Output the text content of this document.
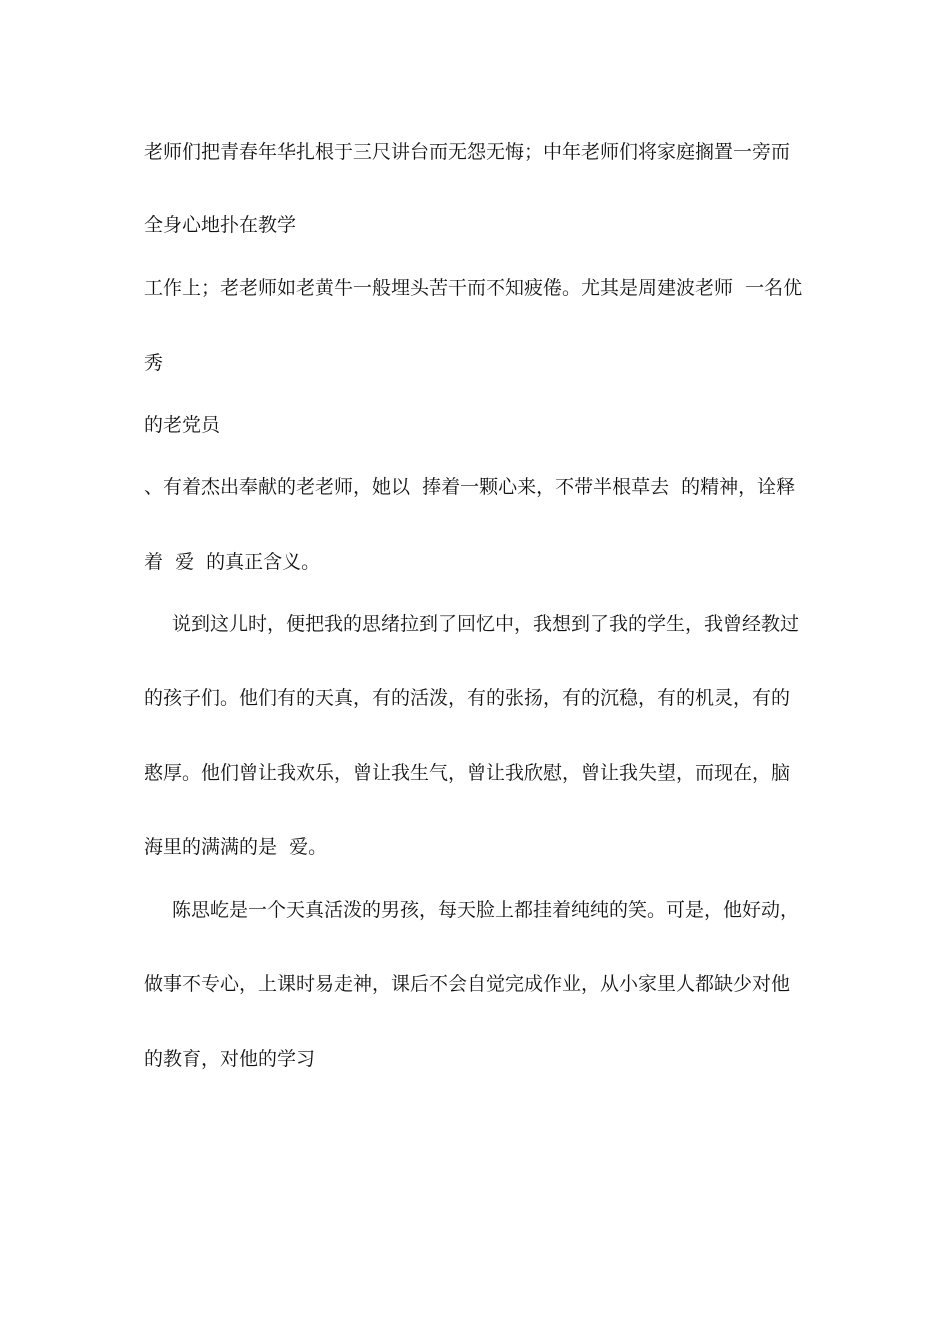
老师们把青春年华扎根于三尺讲台而无怨无悔；中年老师们将家庭搁置一旁而
全身心地扑在教学
工作上；老老师如老黄牛一般埋头苦干而不知疲倦。尤其是周建波老师  一名优
秀
的老党员
、有着杰出奉献的老老师，她以  捧着一颗心来，不带半根草去  的精神，诠释
着  爱  的真正含义。
说到这儿时，便把我的思绪拉到了回忆中，我想到了我的学生，我曾经教过
的孩子们。他们有的天真，有的活泼，有的张扬，有的沉稳，有的机灵，有的
憨厚。他们曾让我欢乐，曾让我生气，曾让我欣慰，曾让我失望，而现在，脑
海里的满满的是  爱。
陈思屹是一个天真活泼的男孩，每天脸上都挂着纯纯的笑。可是，他好动，
做事不专心，上课时易走神，课后不会自觉完成作业，从小家里人都缺少对他
的教育，对他的学习
